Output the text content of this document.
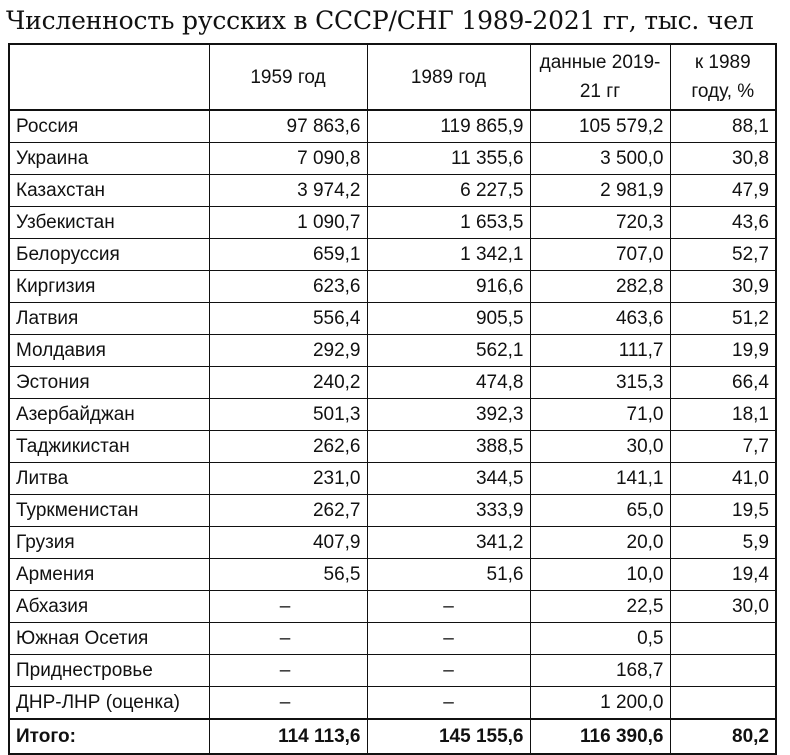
Численность русских в СССР/СНГ 1989-2021 гг, тыс. чел
	1959 год	1989 год	данные 2019-21 гг	к 1989 году, %
Россия	97 863,6	119 865,9	105 579,2	88,1
Украина	7 090,8	11 355,6	3 500,0	30,8
Казахстан	3 974,2	6 227,5	2 981,9	47,9
Узбекистан	1 090,7	1 653,5	720,3	43,6
Белоруссия	659,1	1 342,1	707,0	52,7
Киргизия	623,6	916,6	282,8	30,9
Латвия	556,4	905,5	463,6	51,2
Молдавия	292,9	562,1	111,7	19,9
Эстония	240,2	474,8	315,3	66,4
Азербайджан	501,3	392,3	71,0	18,1
Таджикистан	262,6	388,5	30,0	7,7
Литва	231,0	344,5	141,1	41,0
Туркменистан	262,7	333,9	65,0	19,5
Грузия	407,9	341,2	20,0	5,9
Армения	56,5	51,6	10,0	19,4
Абхазия	–	–	22,5	30,0
Южная Осетия	–	–	0,5	
Приднестровье	–	–	168,7	
ДНР-ЛНР (оценка)	–	–	1 200,0	
Итого:	114 113,6	145 155,6	116 390,6	80,2
